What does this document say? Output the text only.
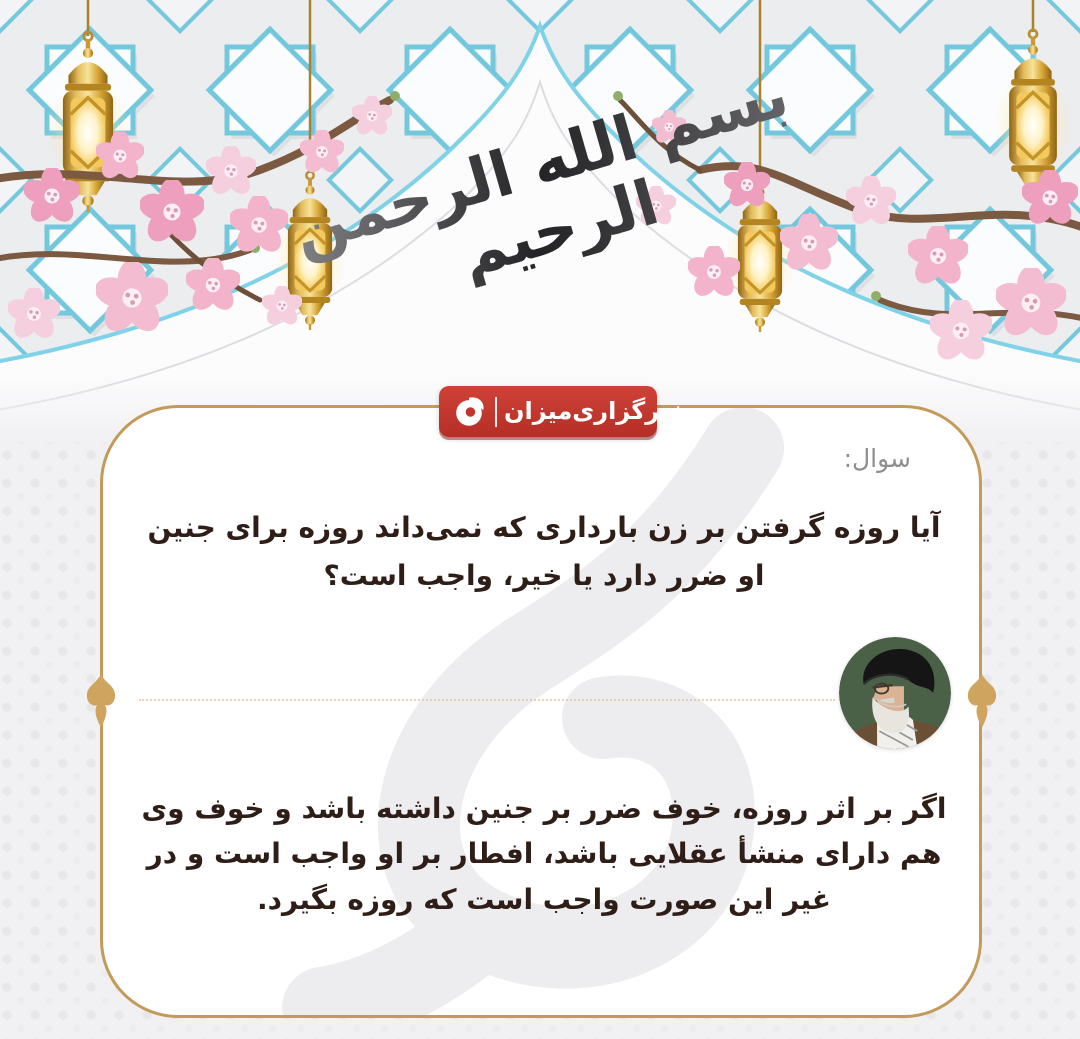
سوال:
آیا روزه گرفتن بر زن بارداری که نمی‌داند روزه برای جنین او ضرر دارد یا خیر، واجب است؟
اگر بر اثر روزه، خوف ضرر بر جنین داشته باشد و خوف وی هم دارای منشأ عقلایی باشد، افطار بر او واجب است و در غیر این صورت واجب است که روزه بگیرد.
خبرگزاری‌میزان
